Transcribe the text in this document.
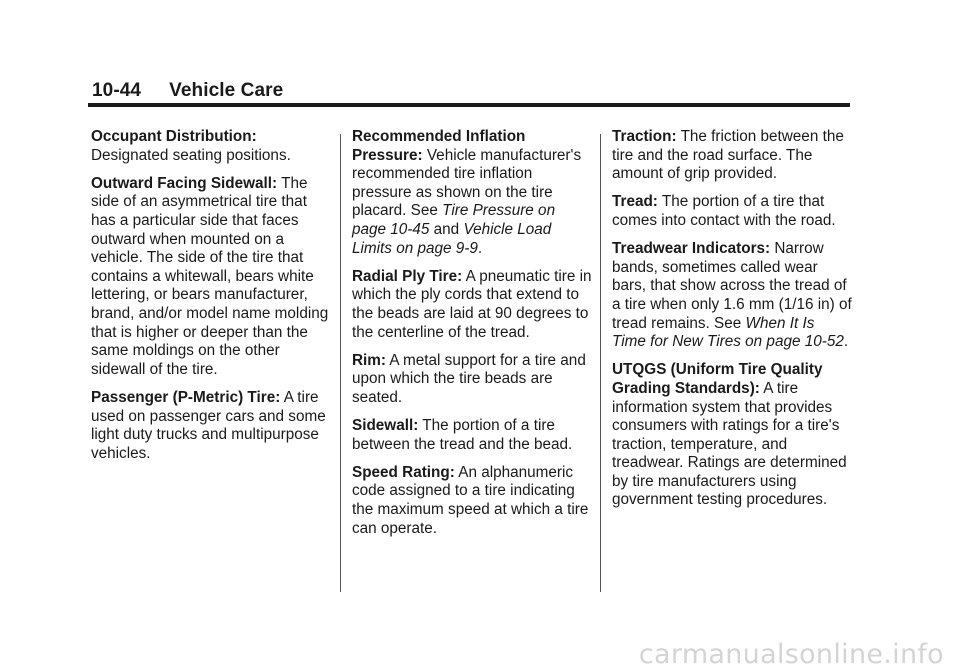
10-44 Vehicle Care

Occupant Distribution:
Designated seating positions.

Outward Facing Sidewall: The side of an asymmetrical tire that has a particular side that faces outward when mounted on a vehicle. The side of the tire that contains a whitewall, bears white lettering, or bears manufacturer, brand, and/or model name molding that is higher or deeper than the same moldings on the other sidewall of the tire.

Passenger (P-Metric) Tire: A tire used on passenger cars and some light duty trucks and multipurpose vehicles.

Recommended Inflation Pressure: Vehicle manufacturer's recommended tire inflation pressure as shown on the tire placard. See Tire Pressure on page 10-45 and Vehicle Load Limits on page 9-9.

Radial Ply Tire: A pneumatic tire in which the ply cords that extend to the beads are laid at 90 degrees to the centerline of the tread.

Rim: A metal support for a tire and upon which the tire beads are seated.

Sidewall: The portion of a tire between the tread and the bead.

Speed Rating: An alphanumeric code assigned to a tire indicating the maximum speed at which a tire can operate.

Traction: The friction between the tire and the road surface. The amount of grip provided.

Tread: The portion of a tire that comes into contact with the road.

Treadwear Indicators: Narrow bands, sometimes called wear bars, that show across the tread of a tire when only 1.6 mm (1/16 in) of tread remains. See When It Is Time for New Tires on page 10-52.

UTQGS (Uniform Tire Quality Grading Standards): A tire information system that provides consumers with ratings for a tire's traction, temperature, and treadwear. Ratings are determined by tire manufacturers using government testing procedures.

carmanualsonline.info
